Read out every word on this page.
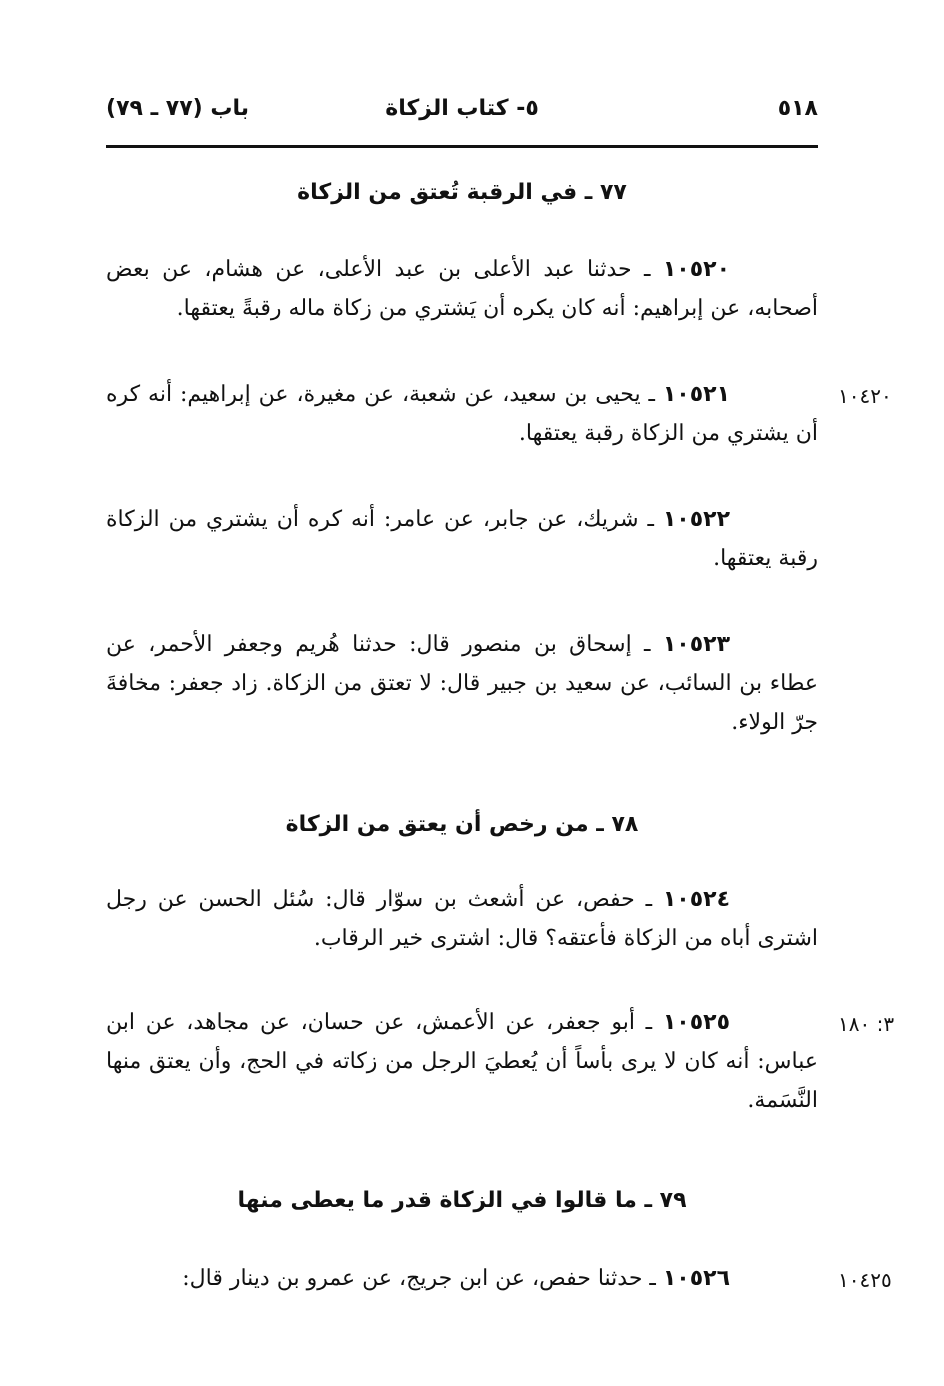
٥١٨
٥- كتاب الزكاة
باب (٧٧ ـ ٧٩)
٧٧ ـ في الرقبة تُعتق من الزكاة

١٠٥٢٠ ـ حدثنا عبد الأعلى بن عبد الأعلى، عن هشام، عن بعض أصحابه، عن إبراهيم: أنه كان يكره أن يَشتري من زكاة ماله رقبةً يعتقها.

١٠٤٢٠

١٠٥٢١ ـ يحيى بن سعيد، عن شعبة، عن مغيرة، عن إبراهيم: أنه كره أن يشتري من الزكاة رقبة يعتقها.

١٠٥٢٢ ـ شريك، عن جابر، عن عامر: أنه كره أن يشتري من الزكاة رقبة يعتقها.

١٠٥٢٣ ـ إسحاق بن منصور قال: حدثنا هُريم وجعفر الأحمر، عن عطاء بن السائب، عن سعيد بن جبير قال: لا تعتق من الزكاة. زاد جعفر: مخافةَ جرّ الولاء.

٧٨ ـ من رخص أن يعتق من الزكاة

١٠٥٢٤ ـ حفص، عن أشعث بن سوّار قال: سُئل الحسن عن رجل اشترى أباه من الزكاة فأعتقه؟ قال: اشترى خير الرقاب.

٣: ١٨٠

١٠٥٢٥ ـ أبو جعفر، عن الأعمش، عن حسان، عن مجاهد، عن ابن عباس: أنه كان لا يرى بأساً أن يُعطيَ الرجل من زكاته في الحج، وأن يعتق منها النَّسَمة.

٧٩ ـ ما قالوا في الزكاة قدر ما يعطى منها
١٠٤٢٥

١٠٥٢٦ ـ حدثنا حفص، عن ابن جريج، عن عمرو بن دينار قال:
